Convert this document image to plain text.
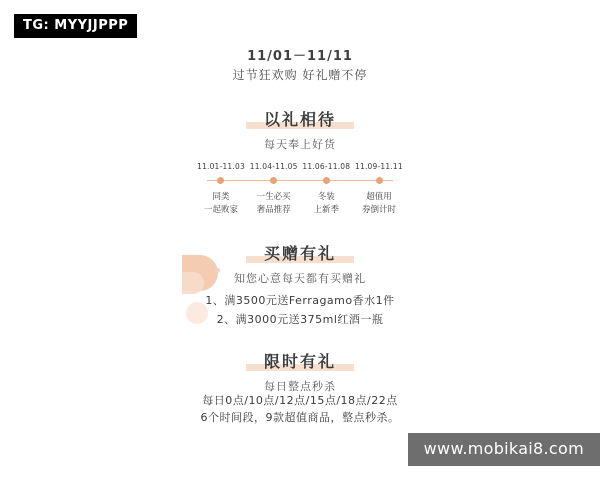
11/01－11/11
过节狂欢购 好礼赠不停
以礼相待
每天奉上好货
11.01-11.03 11.04-11.05 11.06-11.08 11.09-11.11
同类
一起败家
一生必买
奢品推荐
冬装
上新季
超值用
券倒计时
买赠有礼
知您心意每天都有买赠礼
1、满3500元送Ferragamo香水1件
2、满3000元送375ml红酒一瓶
限时有礼
每日整点秒杀
每日0点/10点/12点/15点/18点/22点
6个时间段，9款超值商品，整点秒杀。
TG: MYYJJPPP
www.mobikai8.com
